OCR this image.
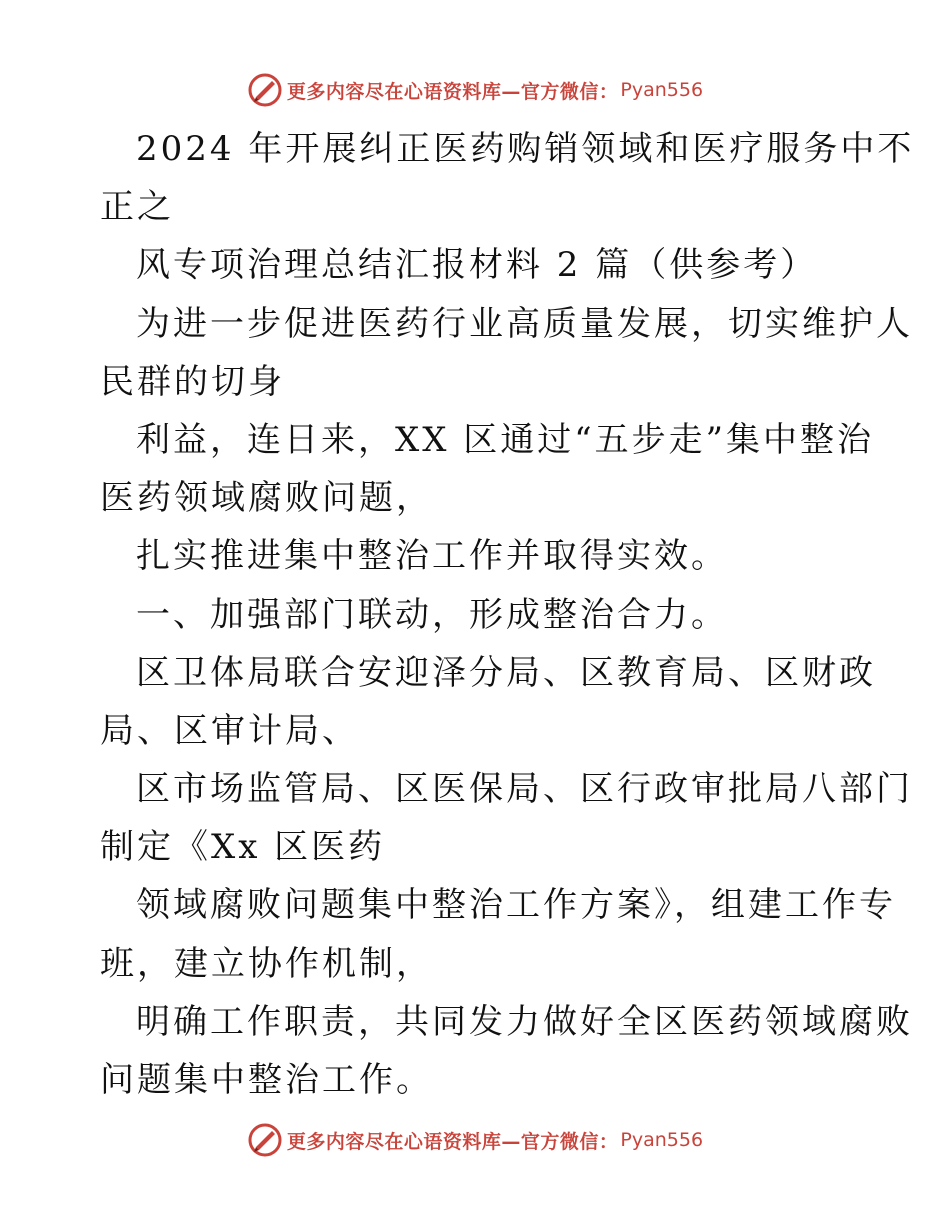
更多内容尽在心语资料库—官方微信： Pyan556
2024 年开展纠正医药购销领域和医疗服务中不
正之
风专项治理总结汇报材料 2 篇（供参考）
为进一步促进医药行业高质量发展，切实维护人
民群的切身
利益，连日来，XX 区通过“五步走”集中整治
医药领域腐败问题，
扎实推进集中整治工作并取得实效。
一、加强部门联动，形成整治合力。
区卫体局联合安迎泽分局、区教育局、区财政
局、区审计局、
区市场监管局、区医保局、区行政审批局八部门
制定《Xx 区医药
领域腐败问题集中整治工作方案》，组建工作专
班，建立协作机制，
明确工作职责，共同发力做好全区医药领域腐败
问题集中整治工作。
更多内容尽在心语资料库—官方微信： Pyan556
